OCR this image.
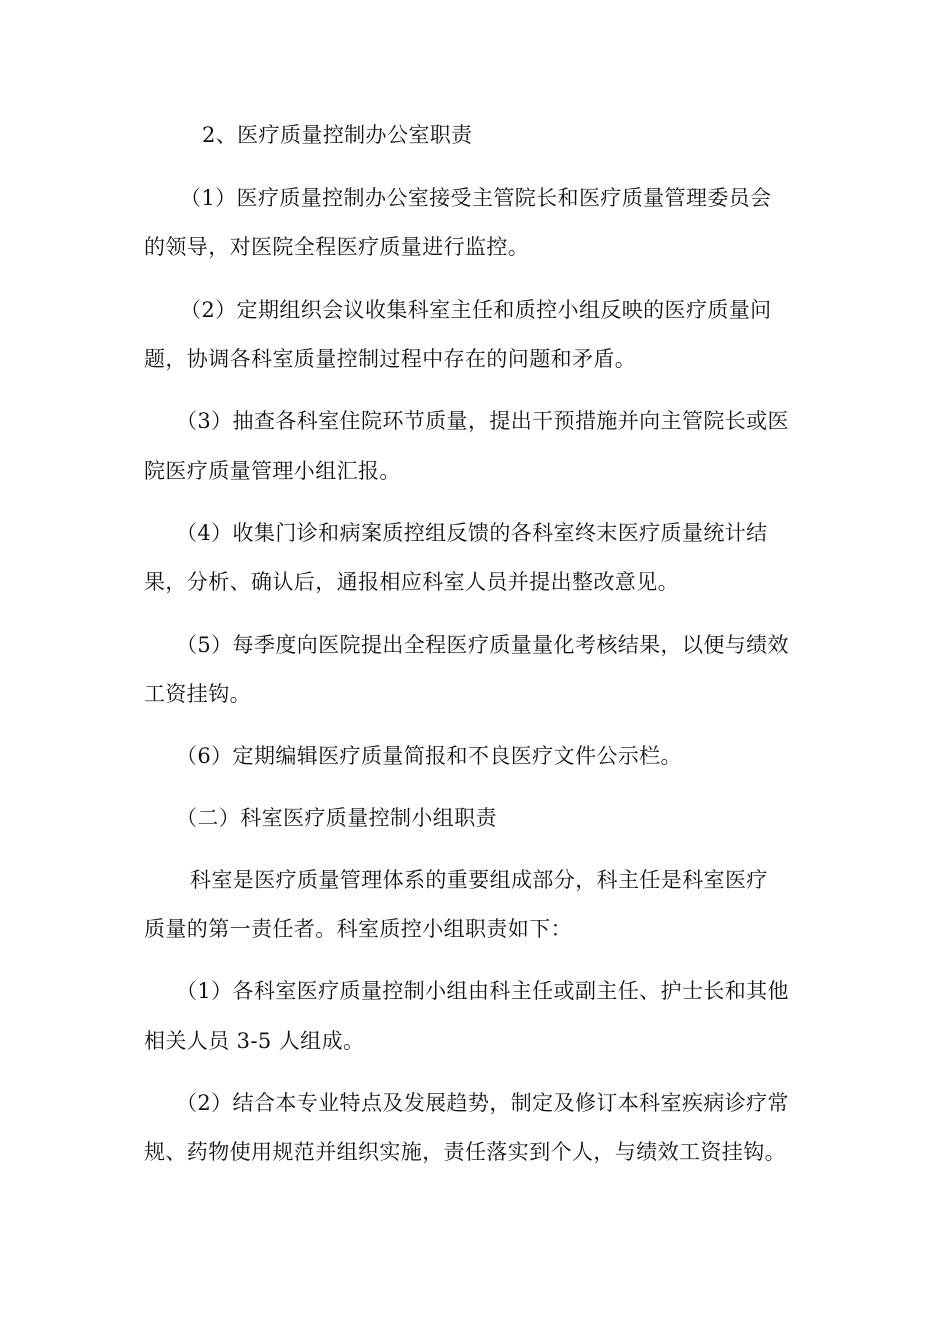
2、医疗质量控制办公室职责
（1）医疗质量控制办公室接受主管院长和医疗质量管理委员会
的领导，对医院全程医疗质量进行监控。
（2）定期组织会议收集科室主任和质控小组反映的医疗质量问
题，协调各科室质量控制过程中存在的问题和矛盾。
（3）抽查各科室住院环节质量，提出干预措施并向主管院长或医
院医疗质量管理小组汇报。
（4）收集门诊和病案质控组反馈的各科室终末医疗质量统计结
果，分析、确认后，通报相应科室人员并提出整改意见。
（5）每季度向医院提出全程医疗质量量化考核结果，以便与绩效
工资挂钩。
（6）定期编辑医疗质量简报和不良医疗文件公示栏。
（二）科室医疗质量控制小组职责
科室是医疗质量管理体系的重要组成部分，科主任是科室医疗
质量的第一责任者。科室质控小组职责如下：
（1）各科室医疗质量控制小组由科主任或副主任、护士长和其他
相关人员 3-5 人组成。
（2）结合本专业特点及发展趋势，制定及修订本科室疾病诊疗常
规、药物使用规范并组织实施，责任落实到个人，与绩效工资挂钩。
